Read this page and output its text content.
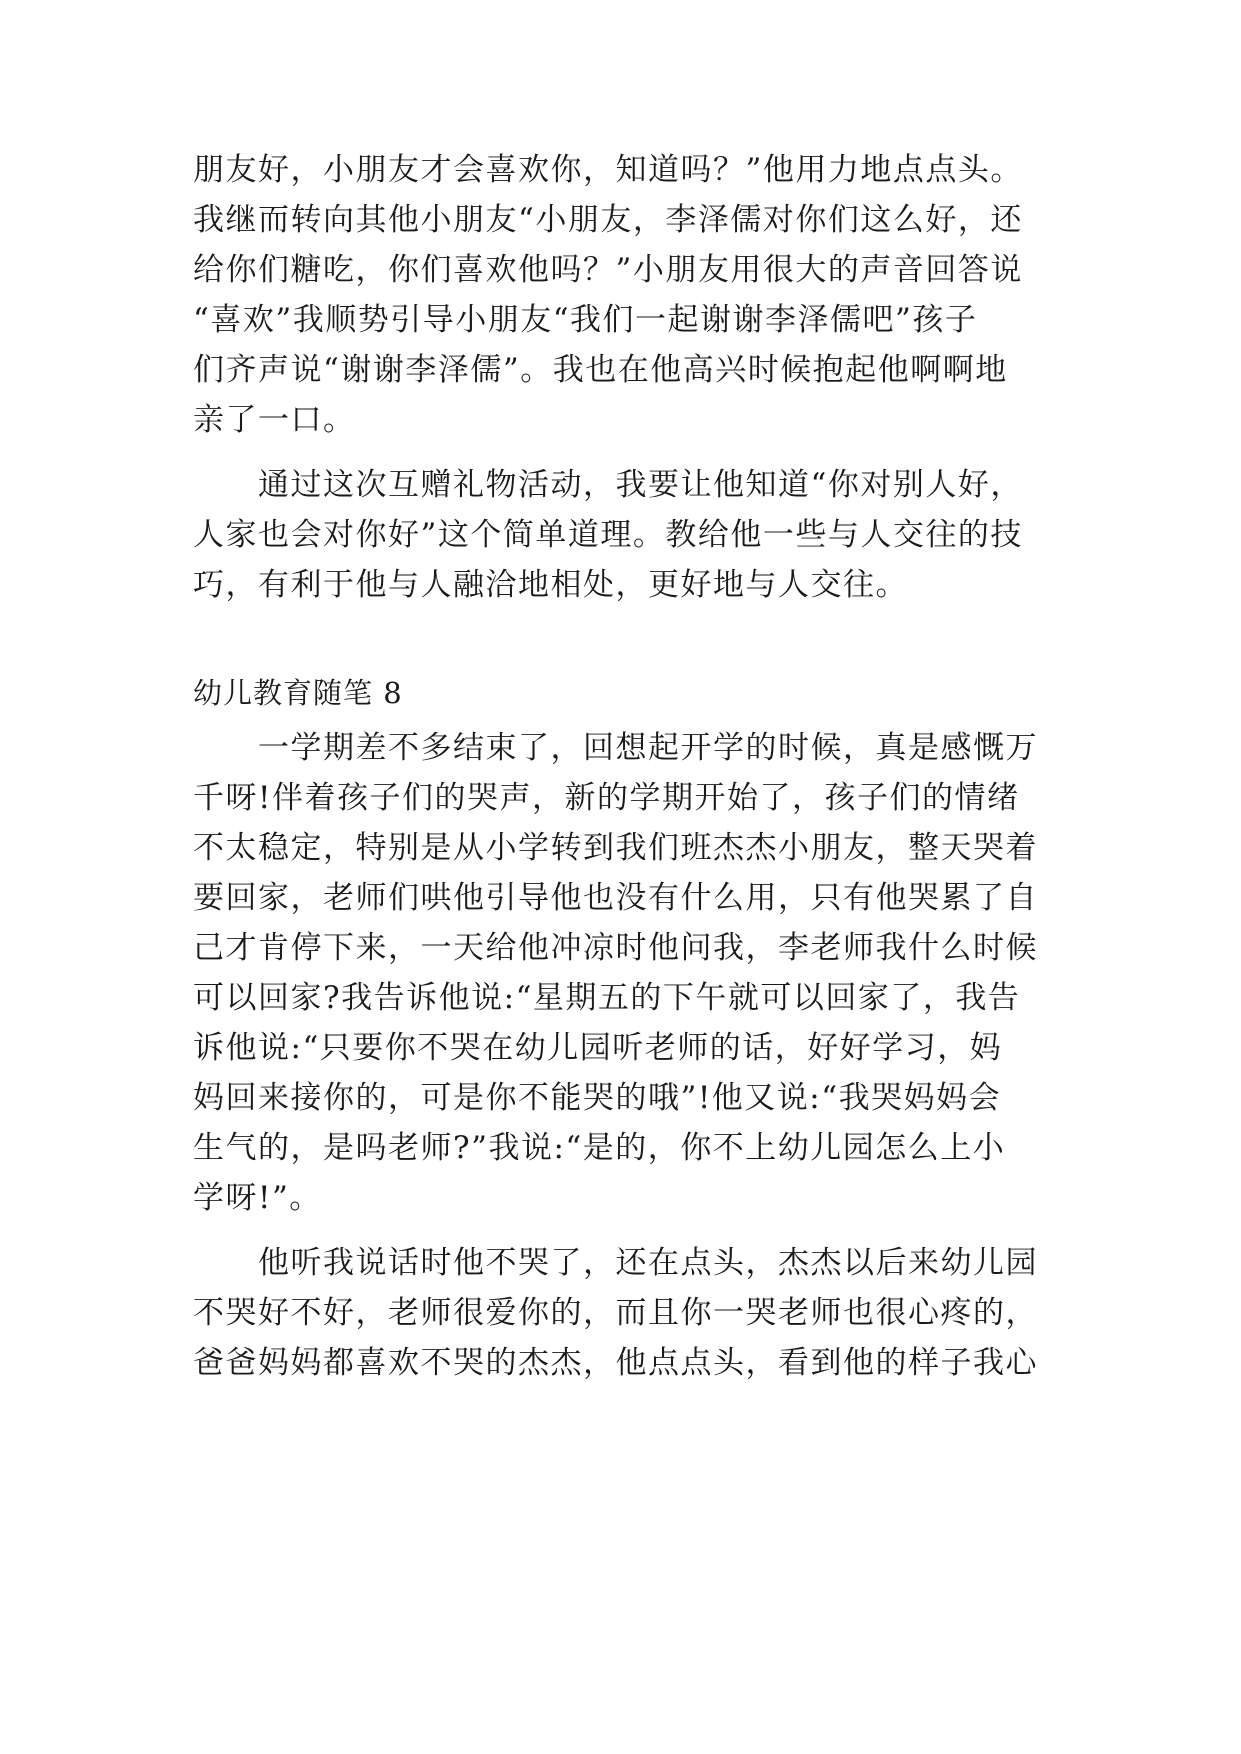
朋友好，小朋友才会喜欢你，知道吗？”他用力地点点头。
我继而转向其他小朋友“小朋友，李泽儒对你们这么好，还
给你们糖吃，你们喜欢他吗？”小朋友用很大的声音回答说
“喜欢”我顺势引导小朋友“我们一起谢谢李泽儒吧”孩子
们齐声说“谢谢李泽儒”。我也在他高兴时候抱起他啊啊地
亲了一口。
通过这次互赠礼物活动，我要让他知道“你对别人好，
人家也会对你好”这个简单道理。教给他一些与人交往的技
巧，有利于他与人融洽地相处，更好地与人交往。
幼儿教育随笔 8
一学期差不多结束了，回想起开学的时候，真是感慨万
千呀!伴着孩子们的哭声，新的学期开始了，孩子们的情绪
不太稳定，特别是从小学转到我们班杰杰小朋友，整天哭着
要回家，老师们哄他引导他也没有什么用，只有他哭累了自
己才肯停下来，一天给他冲凉时他问我，李老师我什么时候
可以回家?我告诉他说:“星期五的下午就可以回家了，我告
诉他说:“只要你不哭在幼儿园听老师的话，好好学习，妈
妈回来接你的，可是你不能哭的哦”!他又说:“我哭妈妈会
生气的，是吗老师?”我说:“是的，你不上幼儿园怎么上小
学呀!”。
他听我说话时他不哭了，还在点头，杰杰以后来幼儿园
不哭好不好，老师很爱你的，而且你一哭老师也很心疼的，
爸爸妈妈都喜欢不哭的杰杰，他点点头，看到他的样子我心
